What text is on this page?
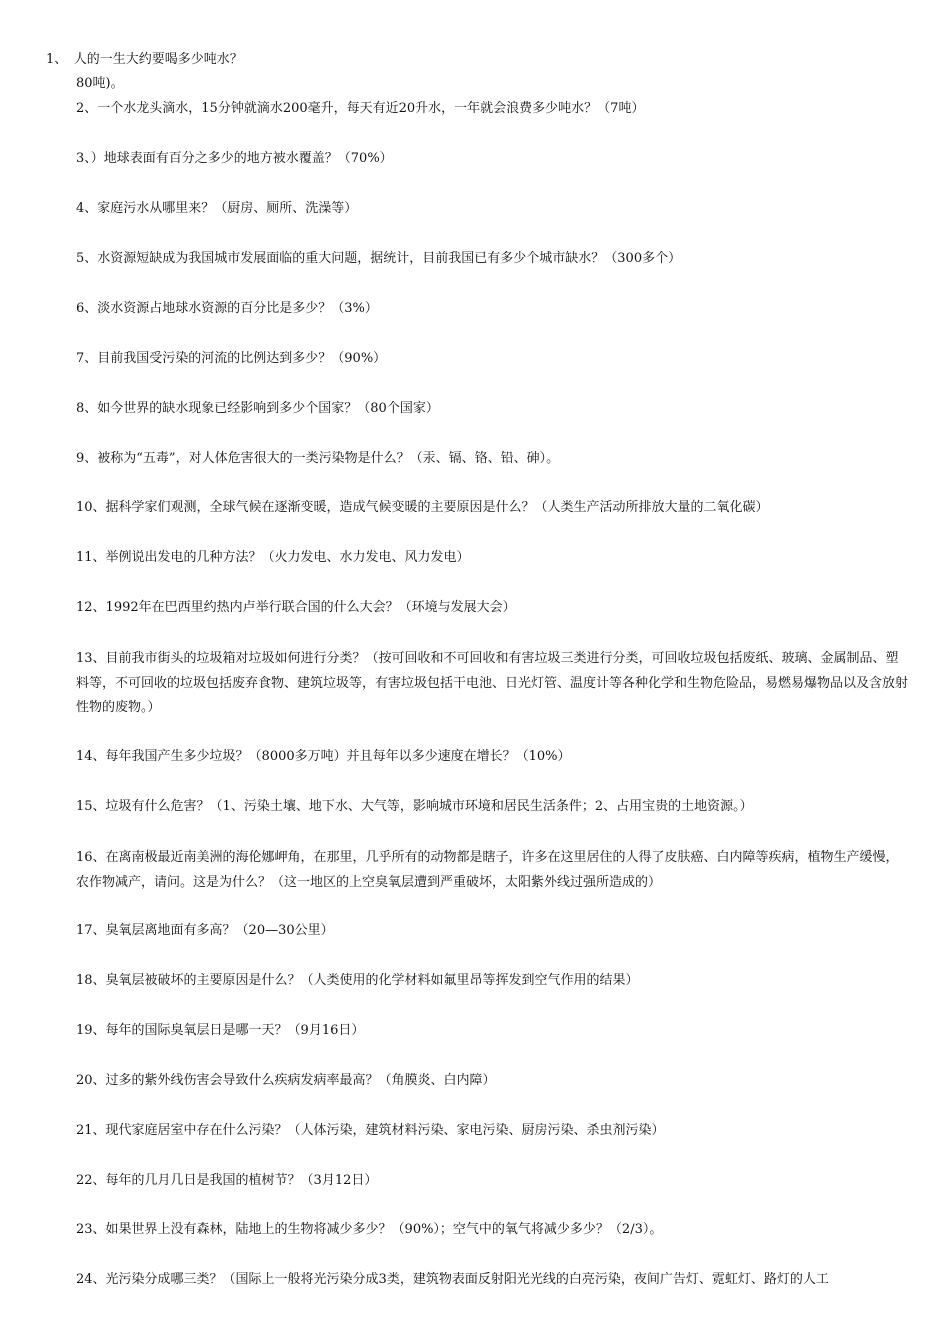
1、　人的一生大约要喝多少吨水？
80吨)。
2、一个水龙头滴水，15分钟就滴水200毫升，每天有近20升水，一年就会浪费多少吨水？（7吨）
3、）地球表面有百分之多少的地方被水覆盖？（70%）
4、家庭污水从哪里来？（厨房、厕所、洗澡等）
5、水资源短缺成为我国城市发展面临的重大问题，据统计，目前我国已有多少个城市缺水？（300多个）
6、淡水资源占地球水资源的百分比是多少？（3%）
7、目前我国受污染的河流的比例达到多少？（90%）
8、如今世界的缺水现象已经影响到多少个国家？（80个国家）
9、被称为“五毒”，对人体危害很大的一类污染物是什么？（汞、镉、铬、铅、砷）。
10、据科学家们观测，全球气候在逐渐变暖，造成气候变暖的主要原因是什么？（人类生产活动所排放大量的二氧化碳）
11、举例说出发电的几种方法？（火力发电、水力发电、风力发电）
12、1992年在巴西里约热内卢举行联合国的什么大会？（环境与发展大会）
13、目前我市街头的垃圾箱对垃圾如何进行分类？（按可回收和不可回收和有害垃圾三类进行分类，可回收垃圾包括废纸、玻璃、金属制品、塑料等，不可回收的垃圾包括废弃食物、建筑垃圾等，有害垃圾包括干电池、日光灯管、温度计等各种化学和生物危险品，易燃易爆物品以及含放射性物的废物。）
14、每年我国产生多少垃圾？（8000多万吨）并且每年以多少速度在增长？（10%）
15、垃圾有什么危害？（1、污染土壤、地下水、大气等，影响城市环境和居民生活条件；2、占用宝贵的土地资源。）
16、在离南极最近南美洲的海伦娜岬角，在那里，几乎所有的动物都是瞎子，许多在这里居住的人得了皮肤癌、白内障等疾病，植物生产缓慢，农作物减产，请问。这是为什么？（这一地区的上空臭氧层遭到严重破坏，太阳紫外线过强所造成的）
17、臭氧层离地面有多高？（20—30公里）
18、臭氧层被破坏的主要原因是什么？（人类使用的化学材料如氟里昂等挥发到空气作用的结果）
19、每年的国际臭氧层日是哪一天？（9月16日）
20、过多的紫外线伤害会导致什么疾病发病率最高？（角膜炎、白内障）
21、现代家庭居室中存在什么污染？（人体污染，建筑材料污染、家电污染、厨房污染、杀虫剂污染）
22、每年的几月几日是我国的植树节？（3月12日）
23、如果世界上没有森林，陆地上的生物将减少多少？（90%）；空气中的氧气将减少多少？（2/3）。
24、光污染分成哪三类？（国际上一般将光污染分成3类，建筑物表面反射阳光光线的白亮污染，夜间广告灯、霓虹灯、路灯的人工
